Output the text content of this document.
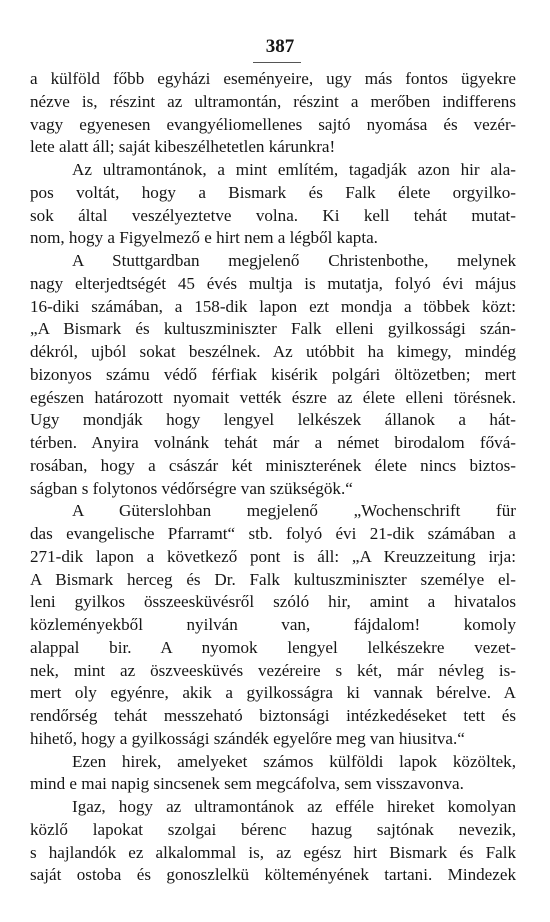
387
a külföld főbb egyházi eseményeire, ugy más fontos ügyekre
nézve is, részint az ultramontán, részint a merőben indifferens
vagy egyenesen evangyéliomellenes sajtó nyomása és vezér-
lete alatt áll; saját kibeszélhetetlen kárunkra!
Az ultramontánok, a mint említém, tagadják azon hir ala-
pos voltát, hogy a Bismark és Falk élete orgyilko-
sok által veszélyeztetve volna. Ki kell tehát mutat-
nom, hogy a Figyelmező e hirt nem a légből kapta.
A Stuttgardban megjelenő Christenbothe, melynek
nagy elterjedtségét 45 évés multja is mutatja, folyó évi május
16-diki számában, a 158-dik lapon ezt mondja a többek közt:
„A Bismark és kultuszminiszter Falk elleni gyilkossági szán-
dékról, ujból sokat beszélnek. Az utóbbit ha kimegy, mindég
bizonyos számu védő férfiak kisérik polgári öltözetben; mert
egészen határozott nyomait vették észre az élete elleni törésnek.
Ugy mondják hogy lengyel lelkészek állanok a hát-
térben. Anyira volnánk tehát már a német birodalom fővá-
rosában, hogy a császár két miniszterének élete nincs biztos-
ságban s folytonos védőrségre van szükségök.“
A Güterslohban megjelenő „Wochenschrift für
das evangelische Pfarramt“ stb. folyó évi 21-dik számában a
271-dik lapon a következő pont is áll: „A Kreuzzeitung irja:
A Bismark herceg és Dr. Falk kultuszminiszter személye el-
leni gyilkos összeesküvésről szóló hir, amint a hivatalos
közleményekből nyilván van, fájdalom! komoly
alappal bir. A nyomok lengyel lelkészekre vezet-
nek, mint az öszveesküvés vezéreire s két, már névleg is-
mert oly egyénre, akik a gyilkosságra ki vannak bérelve. A
rendőrség tehát messzeható biztonsági intézkedéseket tett és
hihető, hogy a gyilkossági szándék egyelőre meg van hiusitva.“
Ezen hirek, amelyeket számos külföldi lapok közöltek,
mind e mai napig sincsenek sem megcáfolva, sem visszavonva.
Igaz, hogy az ultramontánok az efféle hireket komolyan
közlő lapokat szolgai bérenc hazug sajtónak nevezik,
s hajlandók ez alkalommal is, az egész hirt Bismark és Falk
saját ostoba és gonoszlelkü költeményének tartani. Mindezek
